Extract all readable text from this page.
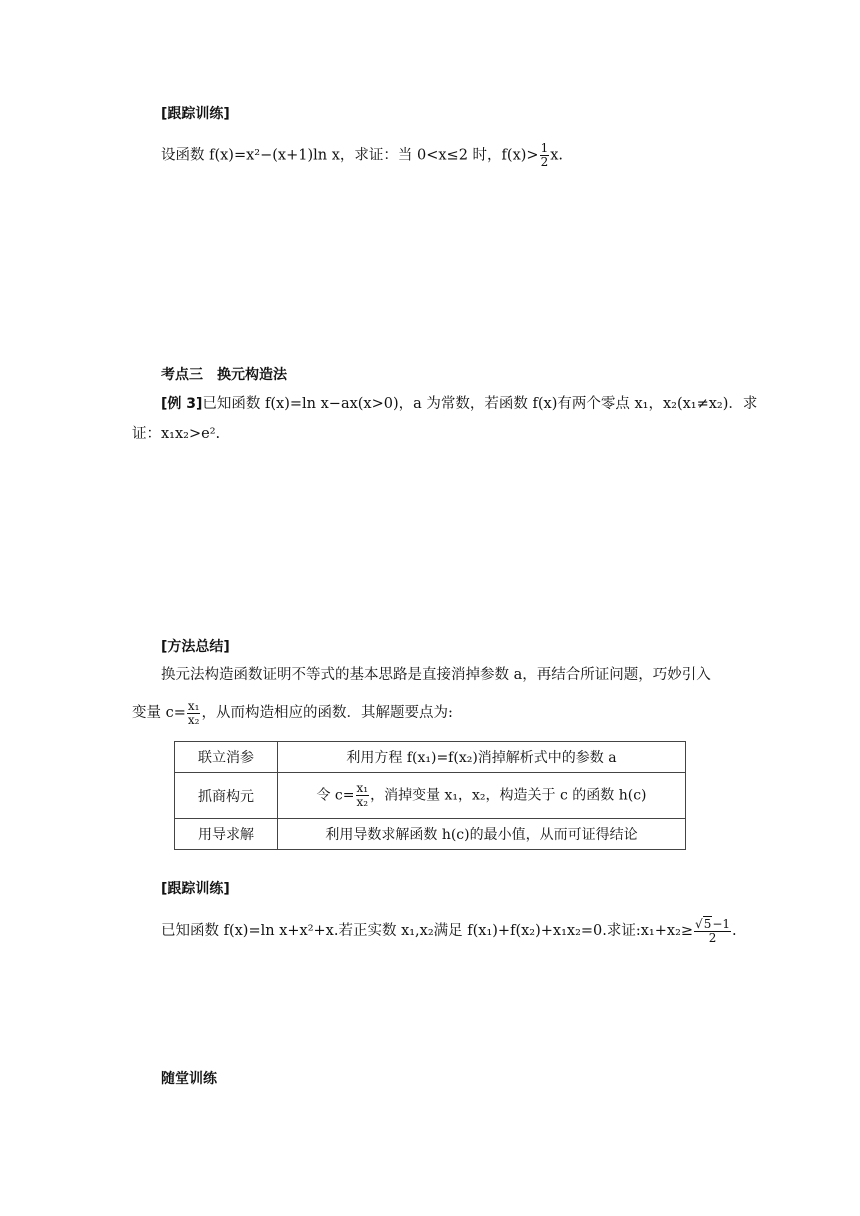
[跟踪训练]
设函数 f(x)=x²−(x+1)ln x，求证：当 0<x≤2 时，$f(x)> \frac{1}{2} x$.
考点三　换元构造法
[例 3]已知函数 f(x)=ln x−ax(x>0)，a 为常数，若函数 f(x)有两个零点 x₁，x₂(x₁≠x₂)．求
证：x₁x₂>e².
[方法总结]
换元法构造函数证明不等式的基本思路是直接消掉参数 a，再结合所证问题，巧妙引入
变量 $c= \frac{\text{x₁}}{\text{x₂}}$ ，从而构造相应的函数．其解题要点为:
联立消参	利用方程 f(x₁)=f(x₂)消掉解析式中的参数 a
抓商构元	令 $c= \frac{\text{x₁}}{\text{x₂}}$ ，消掉变量 x₁，x₂，构造关于 c 的函数 h(c)
用导求解	利用导数求解函数 h(c)的最小值，从而可证得结论
[跟踪训练]
已知函数 f(x)=ln x+x²+x.若正实数 x₁,x₂满足 f(x₁)+f(x₂)+x₁x₂=0.求证:x₁+x₂≥ $\frac{√5-1}{2}$ .
随堂训练
